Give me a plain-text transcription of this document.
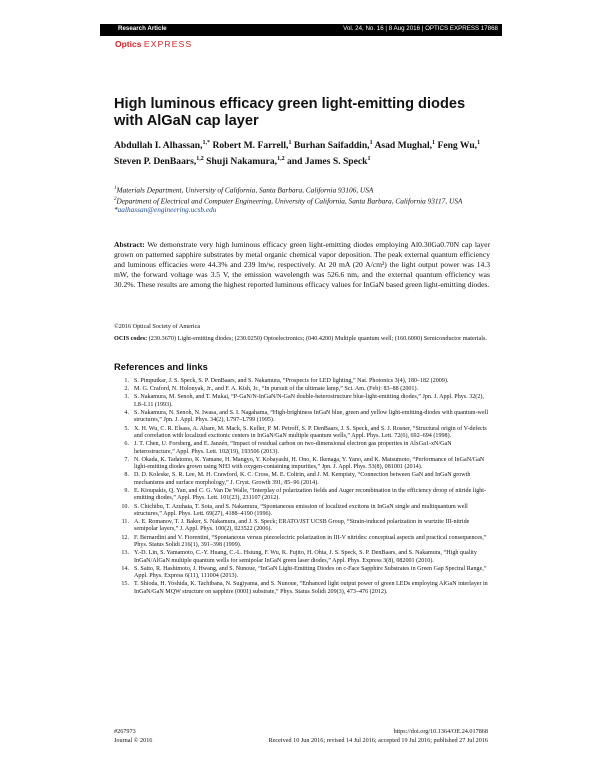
Research Article	Vol. 24, No. 16 | 8 Aug 2016 | OPTICS EXPRESS 17868
Optics EXPRESS
High luminous efficacy green light-emitting diodes with AlGaN cap layer
Abdullah I. Alhassan,$^{1,*}$ Robert M. Farrell,$^1$ Burhan Saifaddin,$^1$ Asad Mughal,$^1$ Feng Wu,$^1$ Steven P. DenBaars,$^{1,2}$ Shuji Nakamura,$^{1,2}$ and James S. Speck$^1$
$^1$Materials Department, University of California, Santa Barbara, California 93106, USA
$^2$Department of Electrical and Computer Engineering, University of California, Santa Barbara, California 93117, USA
*aalhassan@engineering.ucsb.edu
Abstract: We demonstrate very high luminous efficacy green light-emitting diodes employing Al0.30Ga0.70N cap layer grown on patterned sapphire substrates by metal organic chemical vapor deposition. The peak external quantum efficiency and luminous efficacies were 44.3% and 239 lm/w, respectively. At 20 mA (20 A/cm²) the light output power was 14.3 mW, the forward voltage was 3.5 V, the emission wavelength was 526.6 nm, and the external quantum efficiency was 30.2%. These results are among the highest reported luminous efficacy values for InGaN based green light-emitting diodes.
©2016 Optical Society of America
OCIS codes: (230.3670) Light-emitting diodes; (230.0250) Optoelectronics; (040.4200) Multiple quantum well; (160.6000) Semiconductor materials.
References and links
1. S. Pimputkar, J. S. Speck, S. P. DenBaars, and S. Nakamura, “Prospects for LED lighting,” Nat. Photonics 3(4), 180–182 (2009).
2. M. G. Craford, N. Holonyak, Jr., and F. A. Kish, Jr., “In pursuit of the ultimate lamp,” Sci. Am. (Feb): 83–88 (2001).
3. S. Nakamura, M. Senoh, and T. Mukai, “P-GaN/N-InGaN/N-GaN double-heterostructure blue-light-emitting diodes,” Jpn. J. Appl. Phys. 32(2), L8–L11 (1993).
4. S. Nakamura, N. Senoh, N. Iwasa, and S. I. Nagahama, “High-brightness InGaN blue, green and yellow light-emitting-diodes with quantum-well structures,” Jpn. J. Appl. Phys. 34(2), L797–L799 (1995).
5. X. H. Wu, C. R. Elsass, A. Abare, M. Mack, S. Keller, P. M. Petroff, S. P. DenBaars, J. S. Speck, and S. J. Rosner, “Structural origin of V-defects and correlation with localized excitonic centers in InGaN/GaN multiple quantum wells,” Appl. Phys. Lett. 72(6), 692–694 (1998).
6. J. T. Chen, U. Forsberg, and E. Janzén, “Impact of residual carbon on two-dimensional electron gas properties in AlxGa1-xN/GaN heterostructure,” Appl. Phys. Lett. 102(19), 193506 (2013).
7. N. Okada, K. Tadatomo, K. Yamane, H. Mangyo, Y. Kobayashi, H. Ono, K. Ikenaga, Y. Yano, and K. Matsumoto, “Performance of InGaN/GaN light-emitting diodes grown using NH3 with oxygen-containing impurities,” Jpn. J. Appl. Phys. 53(8), 081001 (2014).
8. D. D. Koleske, S. R. Lee, M. H. Crawford, K. C. Cross, M. E. Coltrin, and J. M. Kempisty, “Connection between GaN and InGaN growth mechanisms and surface morphology,” J. Cryst. Growth 391, 85–96 (2014).
9. E. Kioupakis, Q. Yan, and C. G. Van De Walle, “Interplay of polarization fields and Auger recombination in the efficiency droop of nitride light-emitting diodes,” Appl. Phys. Lett. 101(23), 231107 (2012).
10. S. Chichibu, T. Azuhata, T. Sota, and S. Nakamura, “Spontaneous emission of localized excitons in InGaN single and multiquantum well structures,” Appl. Phys. Lett. 69(27), 4188–4190 (1996).
11. A. E. Romanov, T. J. Baker, S. Nakamura, and J. S. Speck; ERATO/JST UCSB Group, “Strain-induced polarization in wurtzite III-nitride semipolar layers,” J. Appl. Phys. 100(2), 023522 (2006).
12. F. Bernardini and V. Fiorentini, “Spontaneous versus piezoelectric polarization in III-V nitrides: conceptual aspects and practical consequences,” Phys. Status Solidi 216(1), 391–398 (1999).
13. Y.-D. Lin, S. Yamamoto, C.-Y. Huang, C.-L. Hsiung, F. Wu, K. Fujito, H. Ohta, J. S. Speck, S. P. DenBaars, and S. Nakamura, “High quality InGaN/AlGaN multiple quantum wells for semipolar InGaN green laser diodes,” Appl. Phys. Express 3(8), 082001 (2010).
14. S. Saito, R. Hashimoto, J. Hwang, and S. Nunoue, “InGaN Light-Emitting Diodes on c-Face Sapphire Substrates in Green Gap Spectral Range,” Appl. Phys. Express 6(11), 111004 (2013).
15. T. Shioda, H. Yoshida, K. Tachibana, N. Sugiyama, and S. Nunoue, “Enhanced light output power of green LEDs employing AlGaN interlayer in InGaN/GaN MQW structure on sapphire (0001) substrate,” Phys. Status Solidi 209(3), 473–476 (2012).
#267973
Journal © 2016
https://doi.org/10.1364/OE.24.017868
Received 10 Jun 2016; revised 14 Jul 2016; accepted 19 Jul 2016; published 27 Jul 2016
